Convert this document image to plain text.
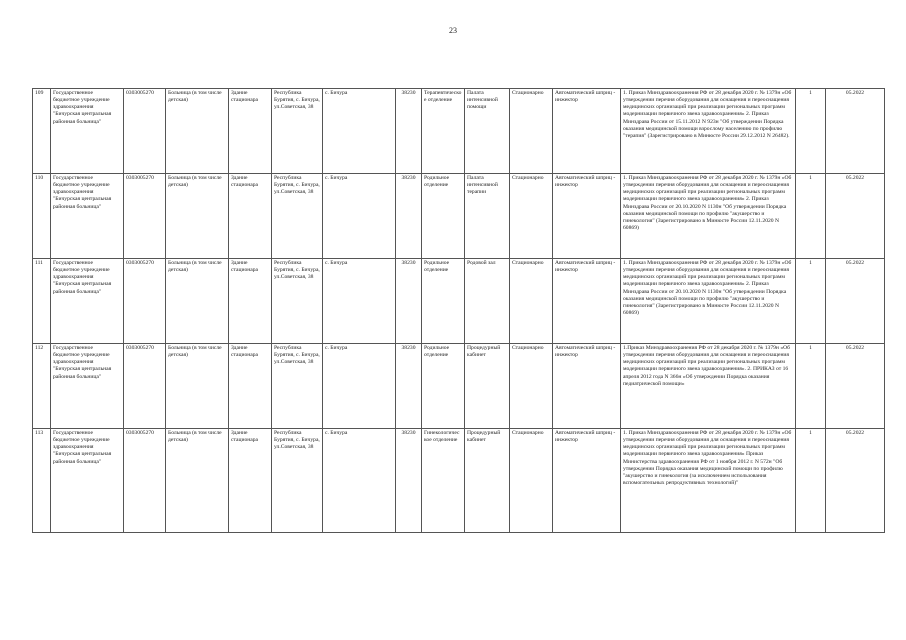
23
109	Государственное бюджетное учреждение здравоохранения "Бичурская центральная районная больница"	0303005270	Больница (в том числе детская)	Здание стационара	Республика Бурятия, с. Бичура, ул.Советская, 38	с. Бичура	38230	Терапевтическое отделение	Палата интенсивной помощи	Стационарно	Автоматический шприц - инжектор	1. Приказ Минздравоохранения РФ от 28 декабря 2020 г. № 1379н «Об утверждении перечня оборудования для оснащения и переоснащения медицинских организаций при реализации региональных программ модернизации первичного звена здравоохранения» 2. Приказ Минздрава России от 15.11.2012 N 923н "Об утверждении Порядка оказания медицинской помощи взрослому населению по профилю "терапия" (Зарегистрировано в Минюсте России 29.12.2012 N 26482).	1	05.2022
110	Государственное бюджетное учреждение здравоохранения "Бичурская центральная районная больница"	0303005270	Больница (в том числе детская)	Здание стационара	Республика Бурятия, с. Бичура, ул.Советская, 38	с. Бичура	38230	Родильное отделение	Палата интенсивной терапии	Стационарно	Автоматический шприц - инжектор	1. Приказ Минздравоохранения РФ от 28 декабря 2020 г. № 1379н «Об утверждении перечня оборудования для оснащения и переоснащения медицинских организаций при реализации региональных программ модернизации первичного звена здравоохранения» 2. Приказ Минздрава России от 20.10.2020 N 1130н "Об утверждении Порядка оказания медицинской помощи по профилю "акушерство и гинекология" (Зарегистрировано в Минюсте России 12.11.2020 N 60869)	1	05.2022
111	Государственное бюджетное учреждение здравоохранения "Бичурская центральная районная больница"	0303005270	Больница (в том числе детская)	Здание стационара	Республика Бурятия, с. Бичура, ул.Советская, 38	с. Бичура	38230	Родильное отделение	Родовой зал	Стационарно	Автоматический шприц - инжектор	1. Приказ Минздравоохранения РФ от 28 декабря 2020 г. № 1379н «Об утверждении перечня оборудования для оснащения и переоснащения медицинских организаций при реализации региональных программ модернизации первичного звена здравоохранения» 2. Приказ Минздрава России от 20.10.2020 N 1130н "Об утверждении Порядка оказания медицинской помощи по профилю "акушерство и гинекология" (Зарегистрировано в Минюсте России 12.11.2020 N 60869)	1	05.2022
112	Государственное бюджетное учреждение здравоохранения "Бичурская центральная районная больница"	0303005270	Больница (в том числе детская)	Здание стационара	Республика Бурятия, с. Бичура, ул.Советская, 38	с. Бичура	38230	Родильное отделение	Процедурный кабинет	Стационарно	Автоматический шприц - инжектор	1.Приказ Минздравоохранения РФ от 28 декабря 2020 г. № 1379н «Об утверждении перечня оборудования для оснащения и переоснащения медицинских организаций при реализации региональных программ модернизации первичного звена здравоохранения». 2. ПРИКАЗ от 16 апреля 2012 года N 366н «Об утверждении Порядка оказания педиатрической помощи»	1	05.2022
113	Государственное бюджетное учреждение здравоохранения "Бичурская центральная районная больница"	0303005270	Больница (в том числе детская)	Здание стационара	Республика Бурятия, с. Бичура, ул.Советская, 38	с. Бичура	38230	Гинекологическое отделение	Процедурный кабинет	Стационарно	Автоматический шприц - инжектор	1. Приказ Минздравоохранения РФ от 28 декабря 2020 г. № 1379н «Об утверждении перечня оборудования для оснащения и переоснащения медицинских организаций при реализации региональных программ модернизации первичного звена здравоохранения» Приказ Министерства здравоохранения РФ от 1 ноября 2012 г. N 572н "Об утверждении Порядка оказания медицинской помощи по профилю "акушерство и гинекология (за исключением использования вспомогательных репродуктивных технологий)"	1	05.2022
